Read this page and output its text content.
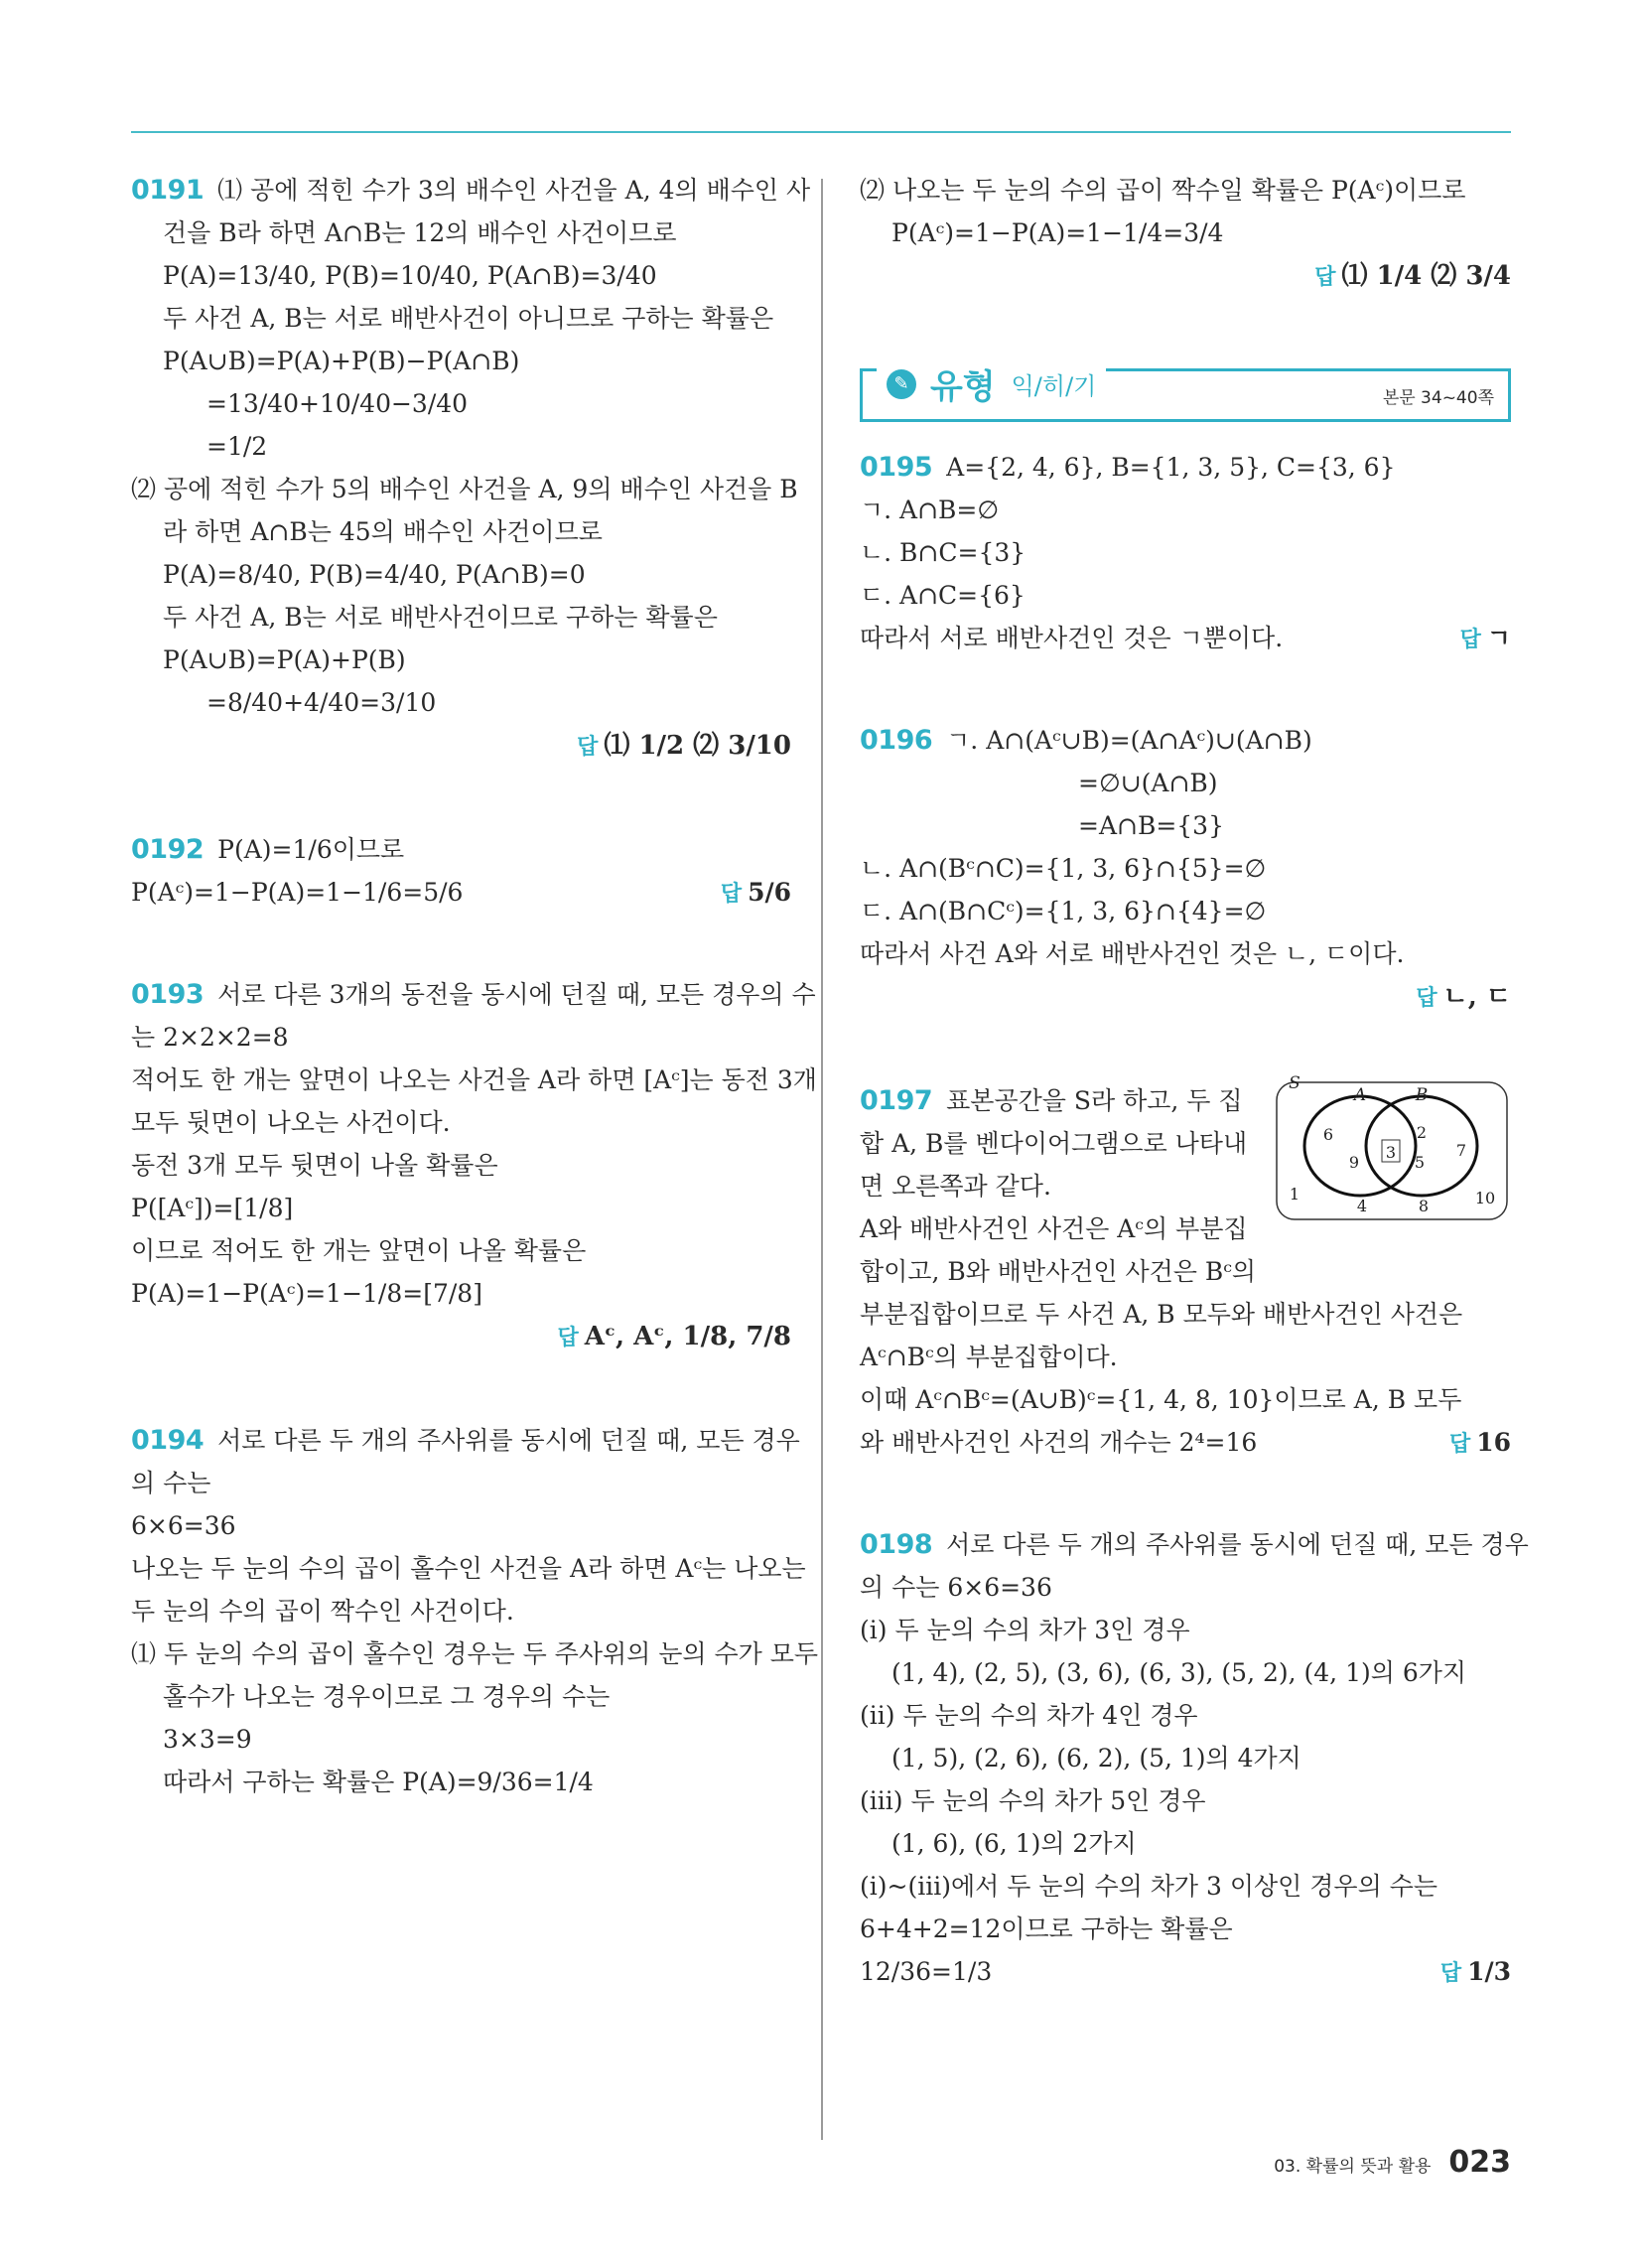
0191 ⑴ 공에 적힌 수가 3의 배수인 사건을 A, 4의 배수인 사
건을 B라 하면 A∩B는 12의 배수인 사건이므로
P(A)=13/40, P(B)=10/40, P(A∩B)=3/40
두 사건 A, B는 서로 배반사건이 아니므로 구하는 확률은
P(A∪B)=P(A)+P(B)−P(A∩B)
=13/40+10/40−3/40
=1/2
⑵ 공에 적힌 수가 5의 배수인 사건을 A, 9의 배수인 사건을 B
라 하면 A∩B는 45의 배수인 사건이므로
P(A)=8/40, P(B)=4/40, P(A∩B)=0
두 사건 A, B는 서로 배반사건이므로 구하는 확률은
P(A∪B)=P(A)+P(B)
=8/40+4/40=3/10
답 ⑴ 1/2 ⑵ 3/10
0192 P(A)=1/6이므로
P(Aᶜ)=1−P(A)=1−1/6=5/6	답 5/6
0193 서로 다른 3개의 동전을 동시에 던질 때, 모든 경우의 수
는 2×2×2=8
적어도 한 개는 앞면이 나오는 사건을 A라 하면 [Aᶜ]는 동전 3개
모두 뒷면이 나오는 사건이다.
동전 3개 모두 뒷면이 나올 확률은
P([Aᶜ])=[1/8]
이므로 적어도 한 개는 앞면이 나올 확률은
P(A)=1−P(Aᶜ)=1−1/8=[7/8]
답 Aᶜ, Aᶜ, 1/8, 7/8
0194 서로 다른 두 개의 주사위를 동시에 던질 때, 모든 경우
의 수는
6×6=36
나오는 두 눈의 수의 곱이 홀수인 사건을 A라 하면 Aᶜ는 나오는
두 눈의 수의 곱이 짝수인 사건이다.
⑴ 두 눈의 수의 곱이 홀수인 경우는 두 주사위의 눈의 수가 모두
홀수가 나오는 경우이므로 그 경우의 수는
3×3=9
따라서 구하는 확률은 P(A)=9/36=1/4
⑵ 나오는 두 눈의 수의 곱이 짝수일 확률은 P(Aᶜ)이므로
P(Aᶜ)=1−P(A)=1−1/4=3/4
답 ⑴ 1/4 ⑵ 3/4
✎ 유형 익/히/기	본문 34~40쪽
0195 A={2, 4, 6}, B={1, 3, 5}, C={3, 6}
ㄱ. A∩B=∅
ㄴ. B∩C={3}
ㄷ. A∩C={6}
따라서 서로 배반사건인 것은 ㄱ뿐이다.	답 ㄱ
0196 ㄱ. A∩(Aᶜ∪B)=(A∩Aᶜ)∪(A∩B)
=∅∪(A∩B)
=A∩B={3}
ㄴ. A∩(Bᶜ∩C)={1, 3, 6}∩{5}=∅
ㄷ. A∩(B∩Cᶜ)={1, 3, 6}∩{4}=∅
따라서 사건 A와 서로 배반사건인 것은 ㄴ, ㄷ이다.
답 ㄴ, ㄷ
0197 표본공간을 S라 하고, 두 집
합 A, B를 벤다이어그램으로 나타내
면 오른쪽과 같다.
A와 배반사건인 사건은 Aᶜ의 부분집
합이고, B와 배반사건인 사건은 Bᶜ의
부분집합이므로 두 사건 A, B 모두와 배반사건인 사건은
Aᶜ∩Bᶜ의 부분집합이다.
이때 Aᶜ∩Bᶜ=(A∪B)ᶜ={1, 4, 8, 10}이므로 A, B 모두
와 배반사건인 사건의 개수는 2⁴=16	답 16
0198 서로 다른 두 개의 주사위를 동시에 던질 때, 모든 경우
의 수는 6×6=36
(ⅰ) 두 눈의 수의 차가 3인 경우
(1, 4), (2, 5), (3, 6), (6, 3), (5, 2), (4, 1)의 6가지
(ⅱ) 두 눈의 수의 차가 4인 경우
(1, 5), (2, 6), (6, 2), (5, 1)의 4가지
(ⅲ) 두 눈의 수의 차가 5인 경우
(1, 6), (6, 1)의 2가지
(ⅰ)~(ⅲ)에서 두 눈의 수의 차가 3 이상인 경우의 수는
6+4+2=12이므로 구하는 확률은
12/36=1/3	답 1/3
S
A	B
6
9
3
2
5
7
1
4	8	10
03. 확률의 뜻과 활용 023
